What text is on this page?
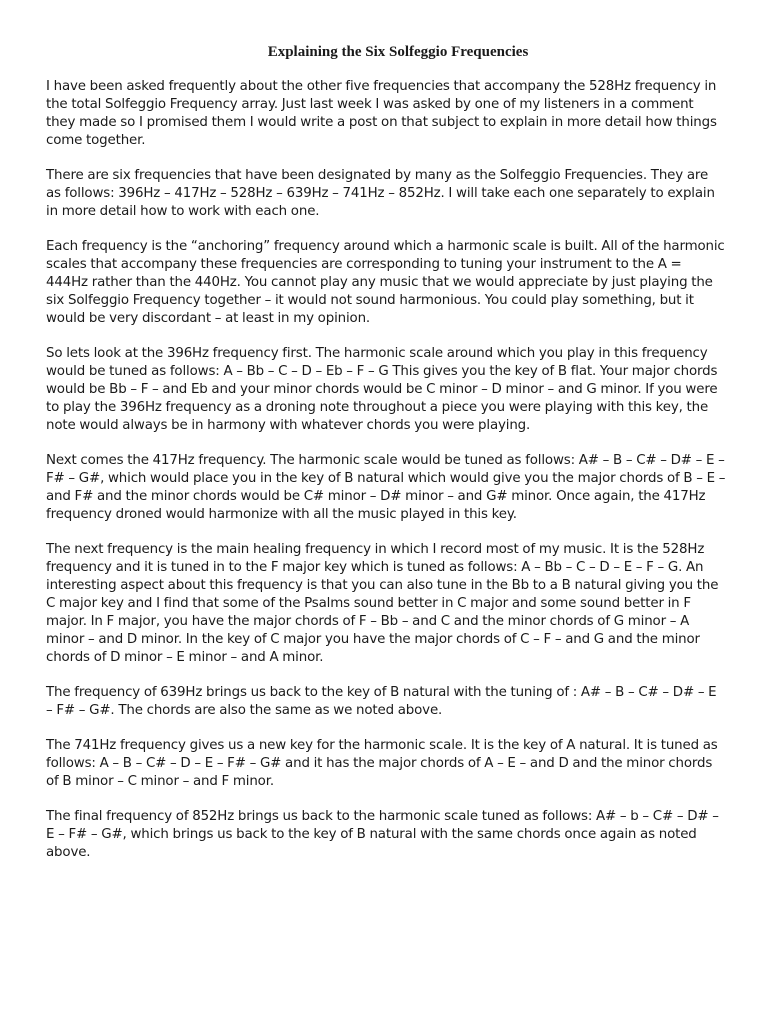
Explaining the Six Solfeggio Frequencies

I have been asked frequently about the other five frequencies that accompany the 528Hz frequency in the total Solfeggio Frequency array. Just last week I was asked by one of my listeners in a comment they made so I promised them I would write a post on that subject to explain in more detail how things come together.

There are six frequencies that have been designated by many as the Solfeggio Frequencies. They are as follows: 396Hz – 417Hz – 528Hz – 639Hz – 741Hz – 852Hz. I will take each one separately to explain in more detail how to work with each one.

Each frequency is the “anchoring” frequency around which a harmonic scale is built. All of the harmonic scales that accompany these frequencies are corresponding to tuning your instrument to the A = 444Hz rather than the 440Hz. You cannot play any music that we would appreciate by just playing the six Solfeggio Frequency together – it would not sound harmonious. You could play something, but it would be very discordant – at least in my opinion.

So lets look at the 396Hz frequency first. The harmonic scale around which you play in this frequency would be tuned as follows: A – Bb – C – D – Eb – F – G This gives you the key of B flat. Your major chords would be Bb – F – and Eb and your minor chords would be C minor – D minor – and G minor. If you were to play the 396Hz frequency as a droning note throughout a piece you were playing with this key, the note would always be in harmony with whatever chords you were playing.

Next comes the 417Hz frequency. The harmonic scale would be tuned as follows: A# – B – C# – D# – E – F# – G#, which would place you in the key of B natural which would give you the major chords of B – E – and F# and the minor chords would be C# minor – D# minor – and G# minor. Once again, the 417Hz frequency droned would harmonize with all the music played in this key.

The next frequency is the main healing frequency in which I record most of my music. It is the 528Hz frequency and it is tuned in to the F major key which is tuned as follows: A – Bb – C – D – E – F – G. An interesting aspect about this frequency is that you can also tune in the Bb to a B natural giving you the C major key and I find that some of the Psalms sound better in C major and some sound better in F major. In F major, you have the major chords of F – Bb – and C and the minor chords of G minor – A minor – and D minor. In the key of C major you have the major chords of C – F – and G and the minor chords of D minor – E minor – and A minor.

The frequency of 639Hz brings us back to the key of B natural with the tuning of : A# – B – C# – D# – E – F# – G#. The chords are also the same as we noted above.

The 741Hz frequency gives us a new key for the harmonic scale. It is the key of A natural. It is tuned as follows: A – B – C# – D – E – F# – G# and it has the major chords of A – E – and D and the minor chords of B minor – C minor – and F minor.

The final frequency of 852Hz brings us back to the harmonic scale tuned as follows: A# – b – C# – D# – E – F# – G#, which brings us back to the key of B natural with the same chords once again as noted above.
